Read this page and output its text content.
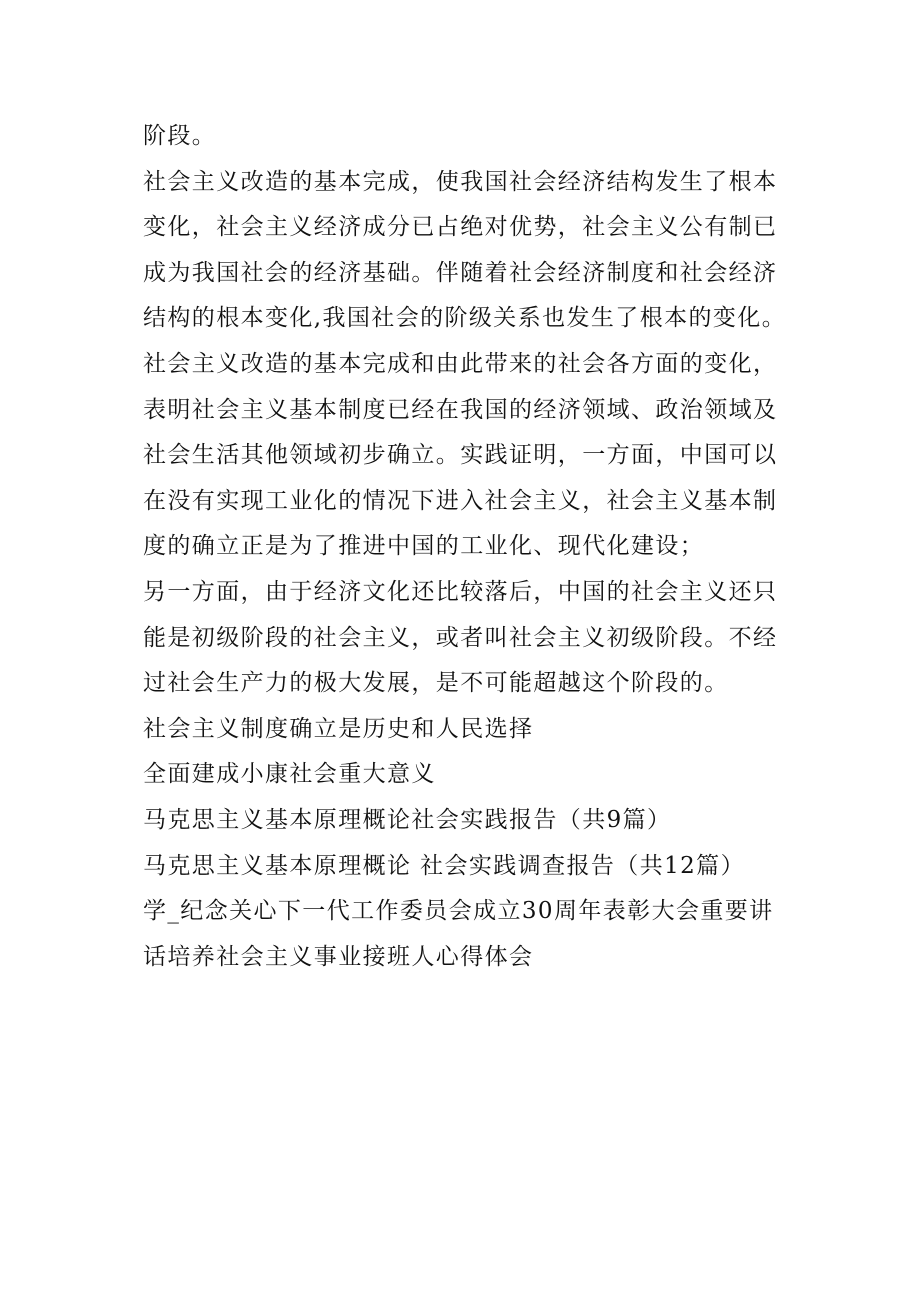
阶段。
社会主义改造的基本完成，使我国社会经济结构发生了根本
变化，社会主义经济成分已占绝对优势，社会主义公有制已
成为我国社会的经济基础。伴随着社会经济制度和社会经济
结构的根本变化,我国社会的阶级关系也发生了根本的变化。
社会主义改造的基本完成和由此带来的社会各方面的变化，
表明社会主义基本制度已经在我国的经济领域、政治领域及
社会生活其他领域初步确立。实践证明，一方面，中国可以
在没有实现工业化的情况下进入社会主义，社会主义基本制
度的确立正是为了推进中国的工业化、现代化建设；
另一方面，由于经济文化还比较落后，中国的社会主义还只
能是初级阶段的社会主义，或者叫社会主义初级阶段。不经
过社会生产力的极大发展，是不可能超越这个阶段的。
社会主义制度确立是历史和人民选择
全面建成小康社会重大意义
马克思主义基本原理概论社会实践报告（共9篇）
马克思主义基本原理概论 社会实践调查报告（共12篇）
学_纪念关心下一代工作委员会成立30周年表彰大会重要讲
话培养社会主义事业接班人心得体会
